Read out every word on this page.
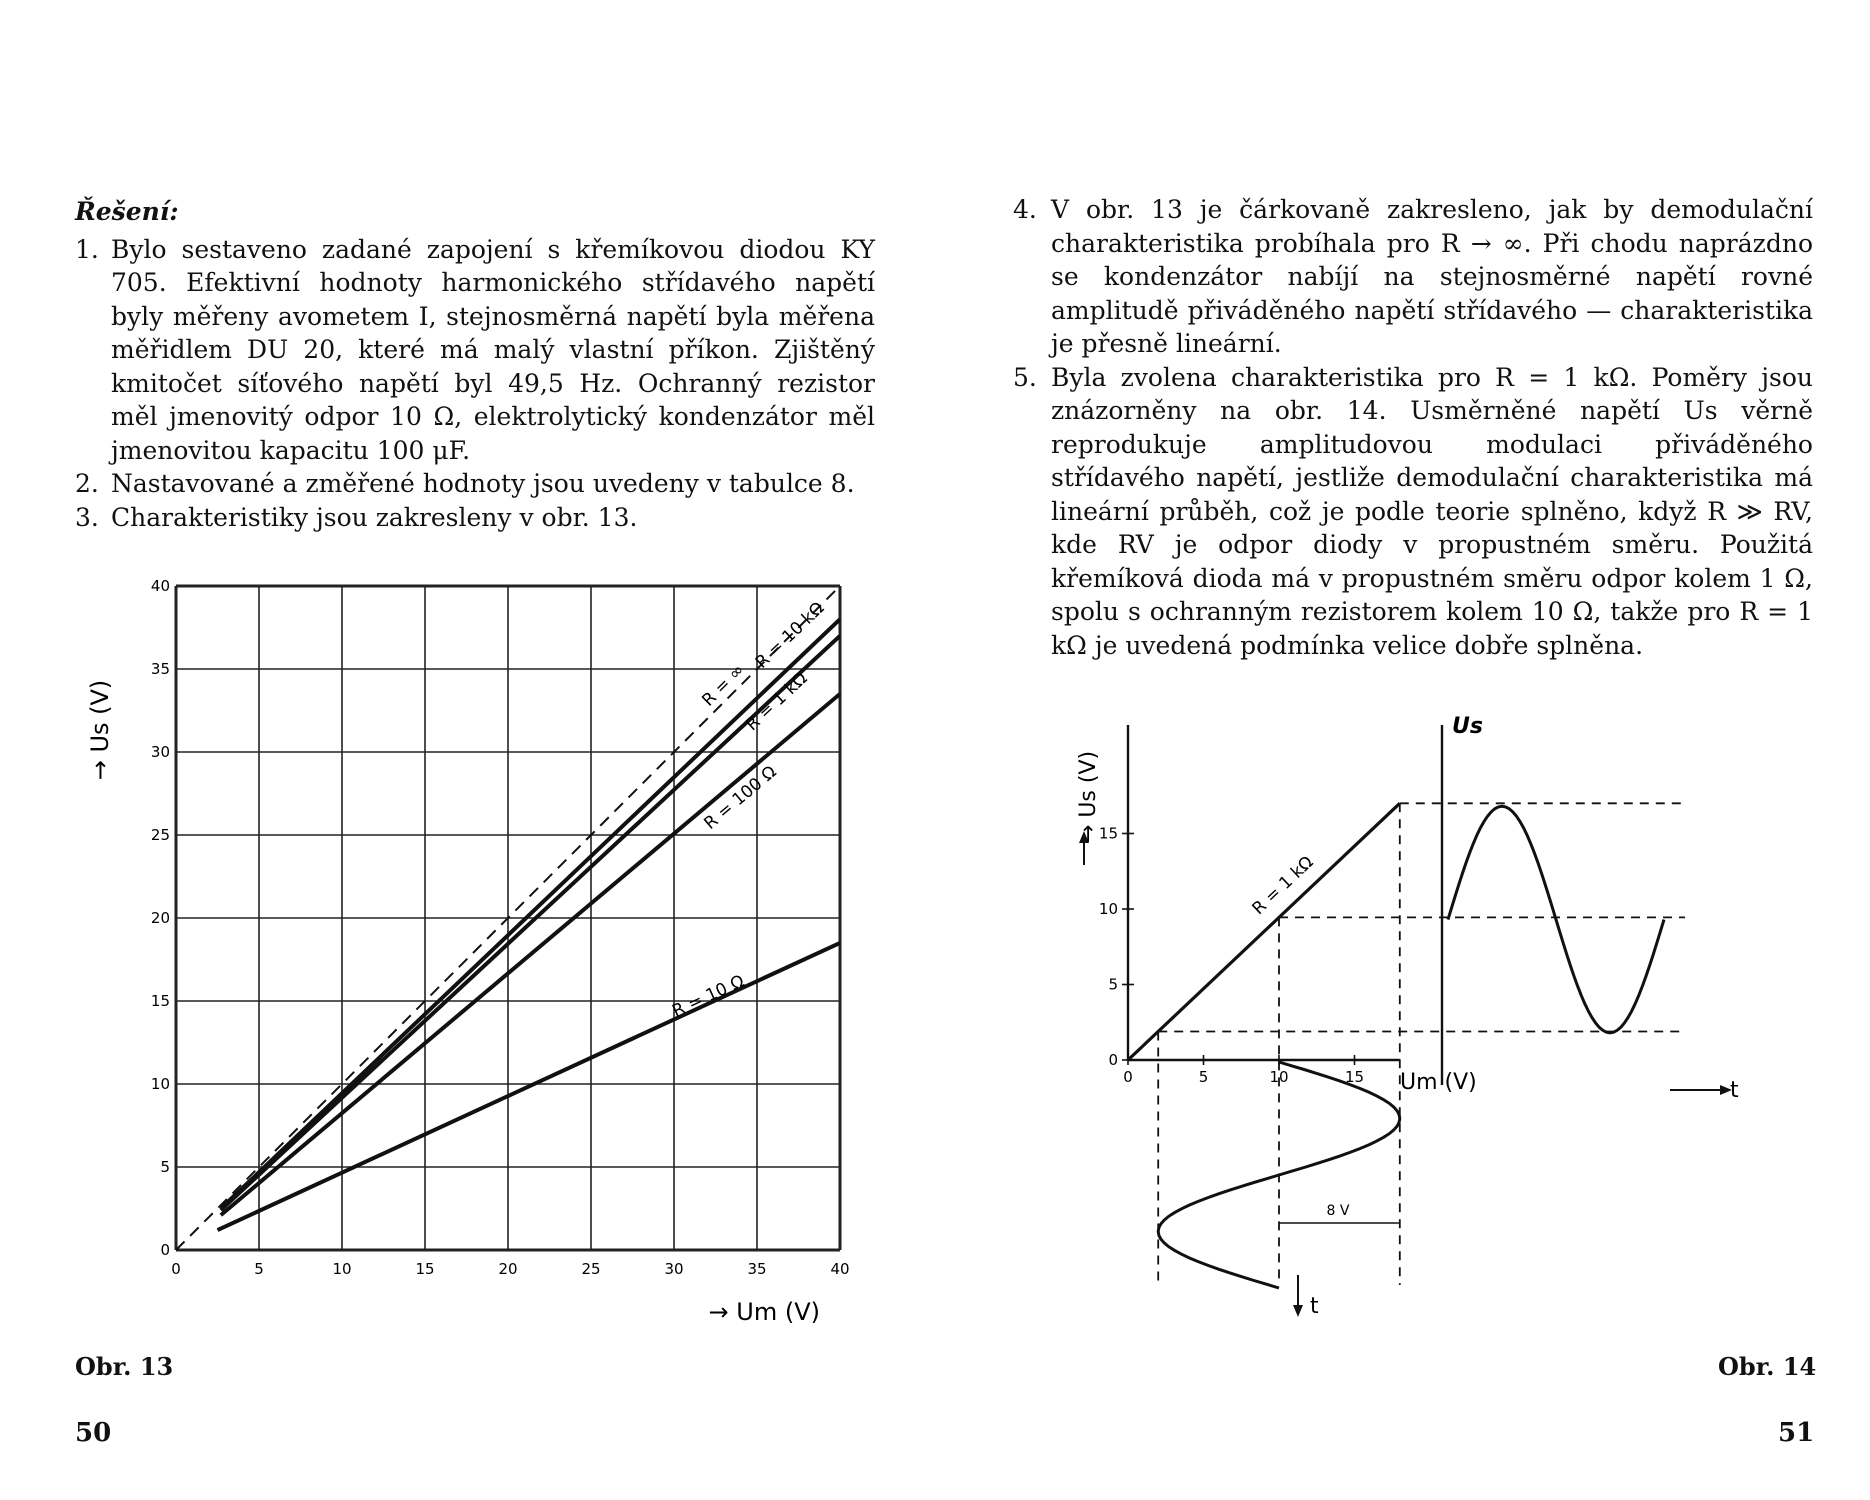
Řešení:
1. Bylo sestaveno zadané zapojení s křemíkovou diodou KY 705. Efektivní hodnoty harmonického střídavého napětí byly měřeny avometem I, stejnosměrná napětí byla měřena měřidlem DU 20, které má malý vlastní příkon. Zjištěný kmitočet síťového napětí byl 49,5 Hz. Ochranný rezistor měl jmenovitý odpor 10 Ω, elektrolytický kondenzátor měl jmenovitou kapacitu 100 μF.
2. Nastavované a změřené hodnoty jsou uvedeny v tabulce 8.
3. Charakteristiky jsou zakresleny v obr. 13.
4. V obr. 13 je čárkovaně zakresleno, jak by demodulační charakteristika probíhala pro R → ∞. Při chodu naprázdno se kondenzátor nabíjí na stejnosměrné napětí rovné amplitudě přiváděného napětí střídavého — charakteristika je přesně lineární.
5. Byla zvolena charakteristika pro R = 1 kΩ. Poměry jsou znázorněny na obr. 14. Usměrněné napětí Us věrně reprodukuje amplitudovou modulaci přiváděného střídavého napětí, jestliže demodulační charakteristika má lineární průběh, což je podle teorie splněno, když R ≫ RV, kde RV je odpor diody v propustném směru. Použitá křemíková dioda má v propustném směru odpor kolem 1 Ω, spolu s ochranným rezistorem kolem 10 Ω, takže pro R = 1 kΩ je uvedená podmínka velice dobře splněna.
0	5	10	15	20	25	30	35	40
0
5
10
15
20
25
30
35
40
R = ∞
R = 10 kΩ
R = 1 kΩ
R = 100 Ω
R = 10 Ω
→ Us (V)
→ Um (V)
0	5	10	15
0
5
10
15
R = 1 kΩ
→ Us (V)
Um (V)
Us
t
t
8 V
Obr. 13	Obr. 14
50	51
